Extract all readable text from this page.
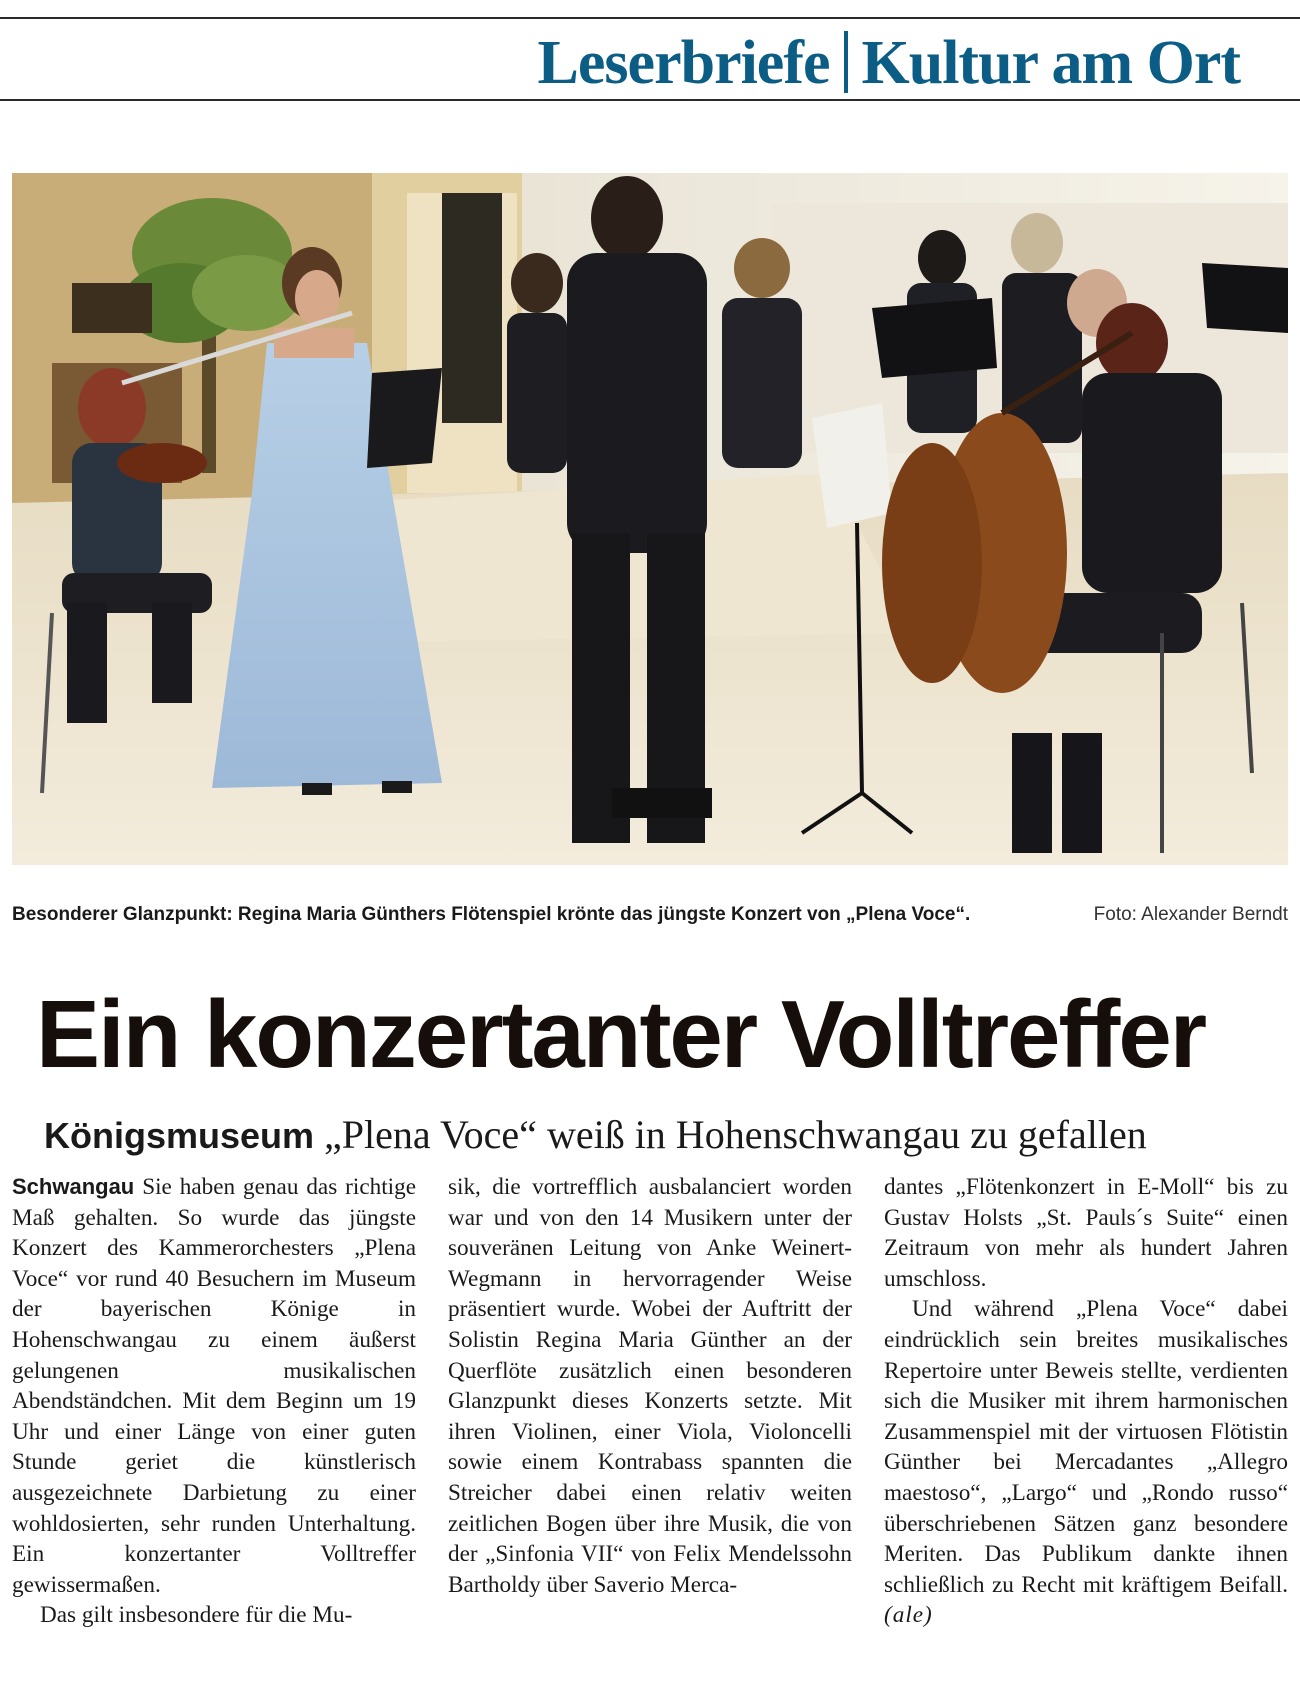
Leserbriefe Kultur am Ort
Besonderer Glanzpunkt: Regina Maria Günthers Flötenspiel krönte das jüngste Konzert von „Plena Voce“.	Foto: Alexander Berndt
Ein konzertanter Volltreffer
Königsmuseum „Plena Voce“ weiß in Hohenschwangau zu gefallen

Schwangau Sie haben genau das richtige Maß gehalten. So wurde das jüngste Konzert des Kammerorchesters „Plena Voce“ vor rund 40 Besuchern im Museum der bayerischen Könige in Hohenschwangau zu einem äußerst gelungenen musikalischen Abendständchen. Mit dem Beginn um 19 Uhr und einer Länge von einer guten Stunde geriet die künstlerisch ausgezeichnete Darbietung zu einer wohldosierten, sehr runden Unterhaltung. Ein konzertanter Volltreffer gewissermaßen.

Das gilt insbesondere für die Mu-

sik, die vortrefflich ausbalanciert worden war und von den 14 Musikern unter der souveränen Leitung von Anke Weinert-Wegmann in hervorragender Weise präsentiert wurde. Wobei der Auftritt der Solistin Regina Maria Günther an der Querflöte zusätzlich einen besonderen Glanzpunkt dieses Konzerts setzte. Mit ihren Violinen, einer Viola, Violoncelli sowie einem Kontrabass spannten die Streicher dabei einen relativ weiten zeitlichen Bogen über ihre Musik, die von der „Sinfonia VII“ von Felix Mendelssohn Bartholdy über Saverio Merca-

dantes „Flötenkonzert in E-Moll“ bis zu Gustav Holsts „St. Pauls´s Suite“ einen Zeitraum von mehr als hundert Jahren umschloss.

Und während „Plena Voce“ dabei eindrücklich sein breites musikalisches Repertoire unter Beweis stellte, verdienten sich die Musiker mit ihrem harmonischen Zusammenspiel mit der virtuosen Flötistin Günther bei Mercadantes „Allegro maestoso“, „Largo“ und „Rondo russo“ überschriebenen Sätzen ganz besondere Meriten. Das Publikum dankte ihnen schließlich zu Recht mit kräftigem Beifall. (ale)
